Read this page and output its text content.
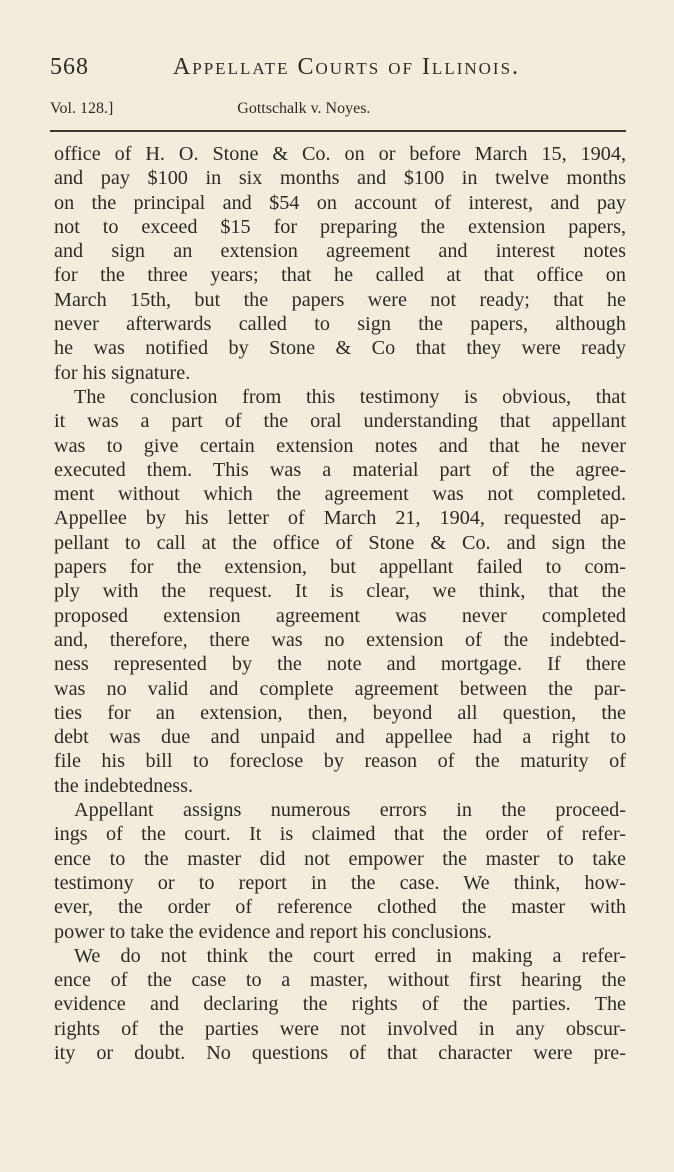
568	Appellate Courts of Illinois.
Vol. 128.]	Gottschalk v. Noyes.
office of H. O. Stone & Co. on or before March 15, 1904,
and pay $100 in six months and $100 in twelve months
on the principal and $54 on account of interest, and pay
not to exceed $15 for preparing the extension papers,
and sign an extension agreement and interest notes
for the three years; that he called at that office on
March 15th, but the papers were not ready; that he
never afterwards called to sign the papers, although
he was notified by Stone & Co that they were ready
for his signature.
The conclusion from this testimony is obvious, that
it was a part of the oral understanding that appellant
was to give certain extension notes and that he never
executed them. This was a material part of the agree-
ment without which the agreement was not completed.
Appellee by his letter of March 21, 1904, requested ap-
pellant to call at the office of Stone & Co. and sign the
papers for the extension, but appellant failed to com-
ply with the request. It is clear, we think, that the
proposed extension agreement was never completed
and, therefore, there was no extension of the indebted-
ness represented by the note and mortgage. If there
was no valid and complete agreement between the par-
ties for an extension, then, beyond all question, the
debt was due and unpaid and appellee had a right to
file his bill to foreclose by reason of the maturity of
the indebtedness.
Appellant assigns numerous errors in the proceed-
ings of the court. It is claimed that the order of refer-
ence to the master did not empower the master to take
testimony or to report in the case. We think, how-
ever, the order of reference clothed the master with
power to take the evidence and report his conclusions.
We do not think the court erred in making a refer-
ence of the case to a master, without first hearing the
evidence and declaring the rights of the parties. The
rights of the parties were not involved in any obscur-
ity or doubt. No questions of that character were pre-
